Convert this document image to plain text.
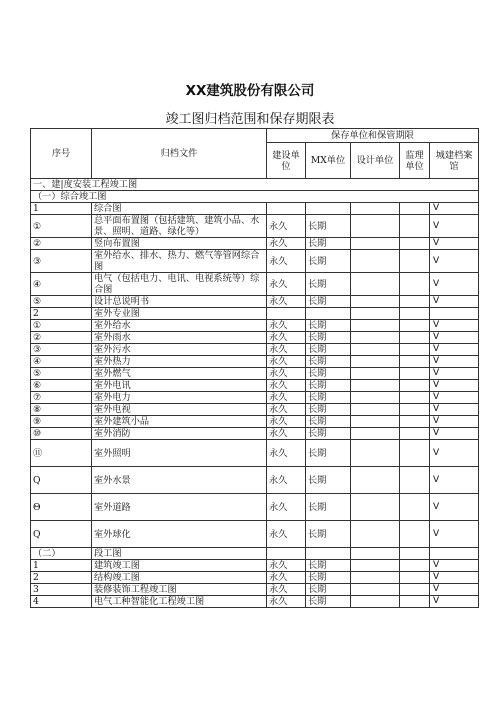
XX建筑股份有限公司
竣工图归档范围和保存期限表
序号	归档文件	保存单位和保管期限				
		建设单位	MX单位	设计单位	监理单位	城建档案馆
一、建|度安装工程竣工图						
（一）综合竣工图						
1	综合图					V
①	总平面布置图（包括建筑、建筑小品、水景、照明、道路、绿化等）	永久	长期			V
②	竖向布置图	永久	长期			V
③	室外给水、排水、热力、燃气等管网综合图	永久	长期			V
④	电气（包括电力、电讯、电视系统等）综合图	永久	长期			V
⑤	设计总说明书	永久	长期			V
2	室外专业图					
①	室外给水	永久	长期			V
②	室外雨水	永久	长期			V
③	室外污水	永久	长期			V
④	室外热力	永久	长期			V
⑤	室外燃气	永久	长期			V
⑥	室外电讯	永久	长期			V
⑦	室外电力	永久	长期			V
⑧	室外电视	永久	长期			V
⑨	室外建筑小品	永久	长期			V
⑩	室外消防	永久	长期			V
⑪	室外照明	永久	长期			V
Q	室外水景	永久	长期			V
Θ	室外道路	永久	长期			V
Q	室外球化	永久	长期			V
（二）	段工图					
1	建筑竣工图	永久	长期			V
2	结构竣工图	永久	长期			V
3	装修装饰工程竣工图	永久	长期			V
4	电气工种智能化工程竣工图	永久	长期			V
